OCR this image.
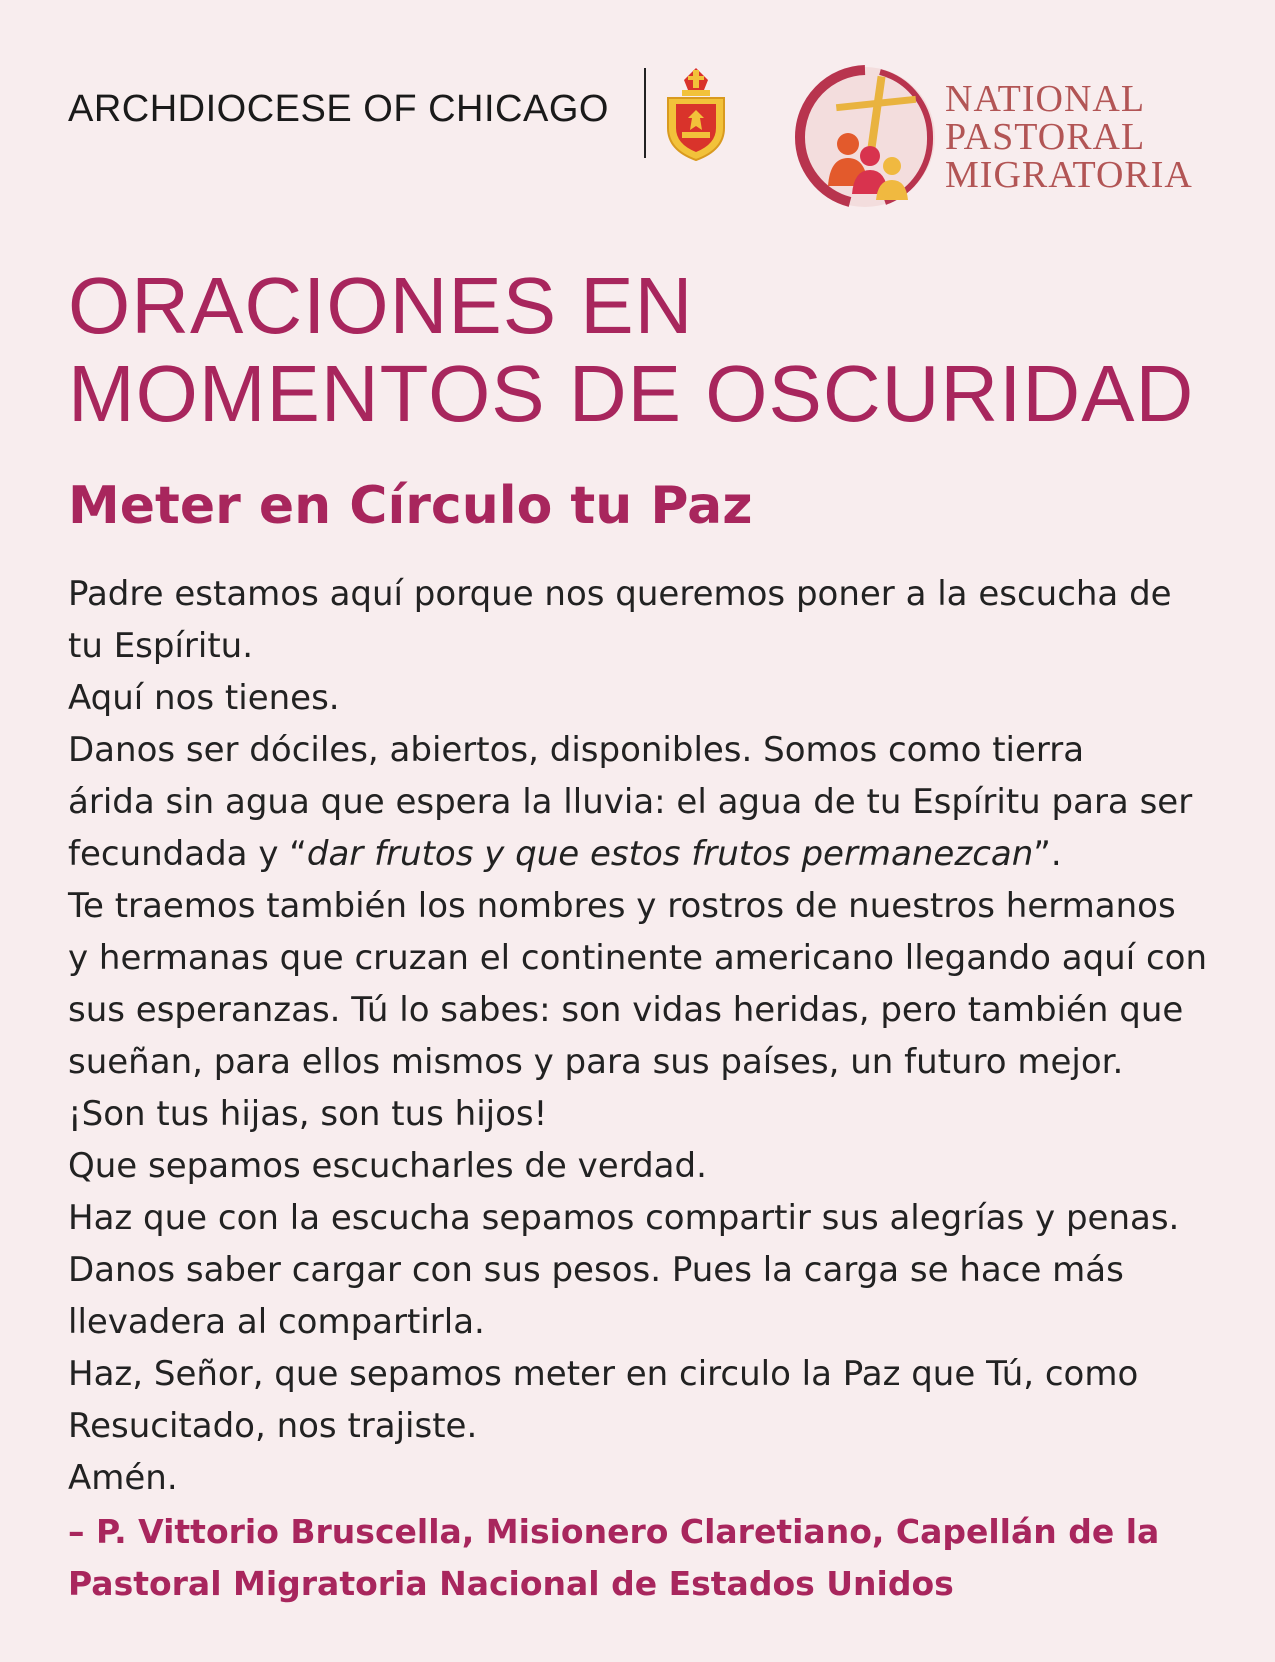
ARCHDIOCESE OF CHICAGO	NATIONAL
PASTORAL
MIGRATORIA
ORACIONES EN
MOMENTOS DE OSCURIDAD
Meter en Círculo tu Paz

Padre estamos aquí porque nos queremos poner a la escucha de

tu Espíritu.

Aquí nos tienes.

Danos ser dóciles, abiertos, disponibles. Somos como tierra

árida sin agua que espera la lluvia: el agua de tu Espíritu para ser

fecundada y “dar frutos y que estos frutos permanezcan”.

Te traemos también los nombres y rostros de nuestros hermanos

y hermanas que cruzan el continente americano llegando aquí con

sus esperanzas. Tú lo sabes: son vidas heridas, pero también que

sueñan, para ellos mismos y para sus países, un futuro mejor.

¡Son tus hijas, son tus hijos!

Que sepamos escucharles de verdad.

Haz que con la escucha sepamos compartir sus alegrías y penas.

Danos saber cargar con sus pesos. Pues la carga se hace más

llevadera al compartirla.

Haz, Señor, que sepamos meter en circulo la Paz que Tú, como

Resucitado, nos trajiste.

Amén.

– P. Vittorio Bruscella, Misionero Claretiano, Capellán de la
Pastoral Migratoria Nacional de Estados Unidos
